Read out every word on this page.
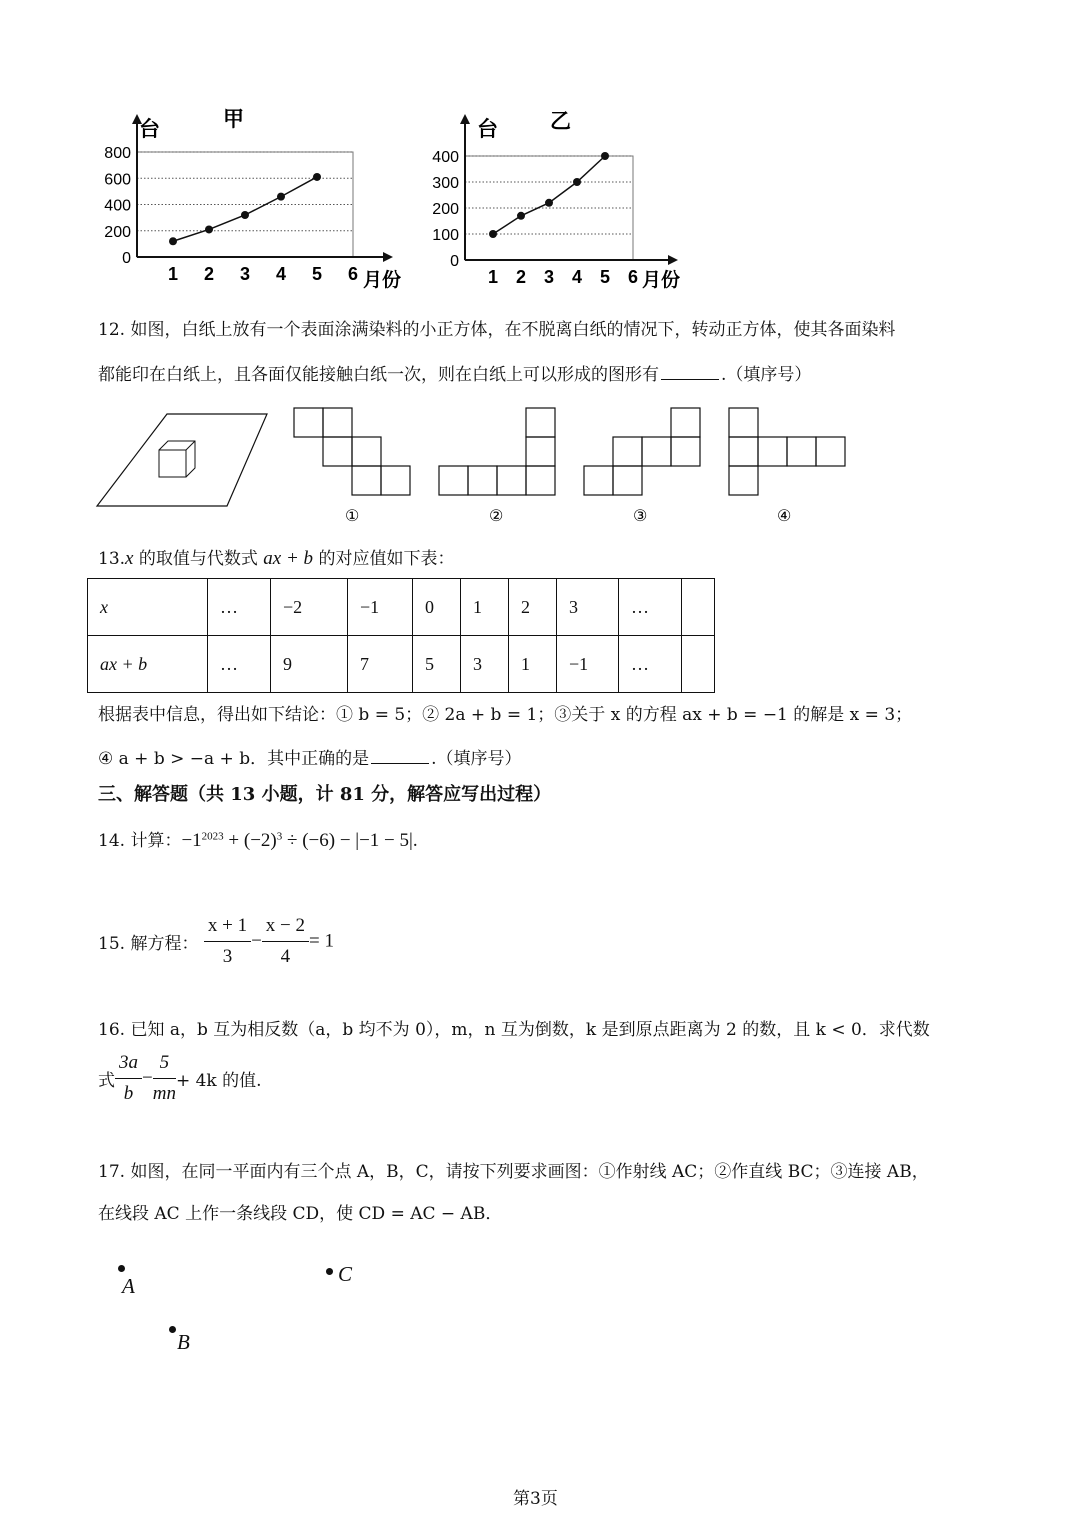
0
200
400
600
800
1 2 3 4 5 6
甲
台
月份
0
100
200
300
400
1 2 3 4 5 6
乙
台
月份
12. 如图，白纸上放有一个表面涂满染料的小正方体，在不脱离白纸的情况下，转动正方体，使其各面染料
都能印在白纸上，且各面仅能接触白纸一次，则在白纸上可以形成的图形有	.（填序号）
①	②	③	④
13.x 的取值与代数式 ax + b 的对应值如下表：
x	…	−2	−1	0	1	2	3	…	
ax + b	…	9	7	5	3	1	−1	…	
根据表中信息，得出如下结论：① b = 5；② 2a + b = 1；③关于 x 的方程 ax + b = −1 的解是 x = 3；
④ a + b > −a + b．其中正确的是	.（填序号）
三、解答题（共 13 小题，计 81 分，解答应写出过程）
14. 计算：$-1^{2023} + (-2)^3 \div (-6) - |-1 - 5|$.
15. 解方程： $\frac{x + 1}{3} - \frac{x - 2}{4} = 1$
16. 已知 a，b 互为相反数（a，b 均不为 0），m，n 互为倒数，k 是到原点距离为 2 的数，且 k < 0．求代数
式 $\frac{3a}{b} - \frac{5}{mn} + 4k$ 的值.
17. 如图，在同一平面内有三个点 A，B，C，请按下列要求画图：①作射线 AC；②作直线 BC；③连接 AB，
在线段 AC 上作一条线段 CD，使 CD = AC − AB．
A	C
B
第3页
